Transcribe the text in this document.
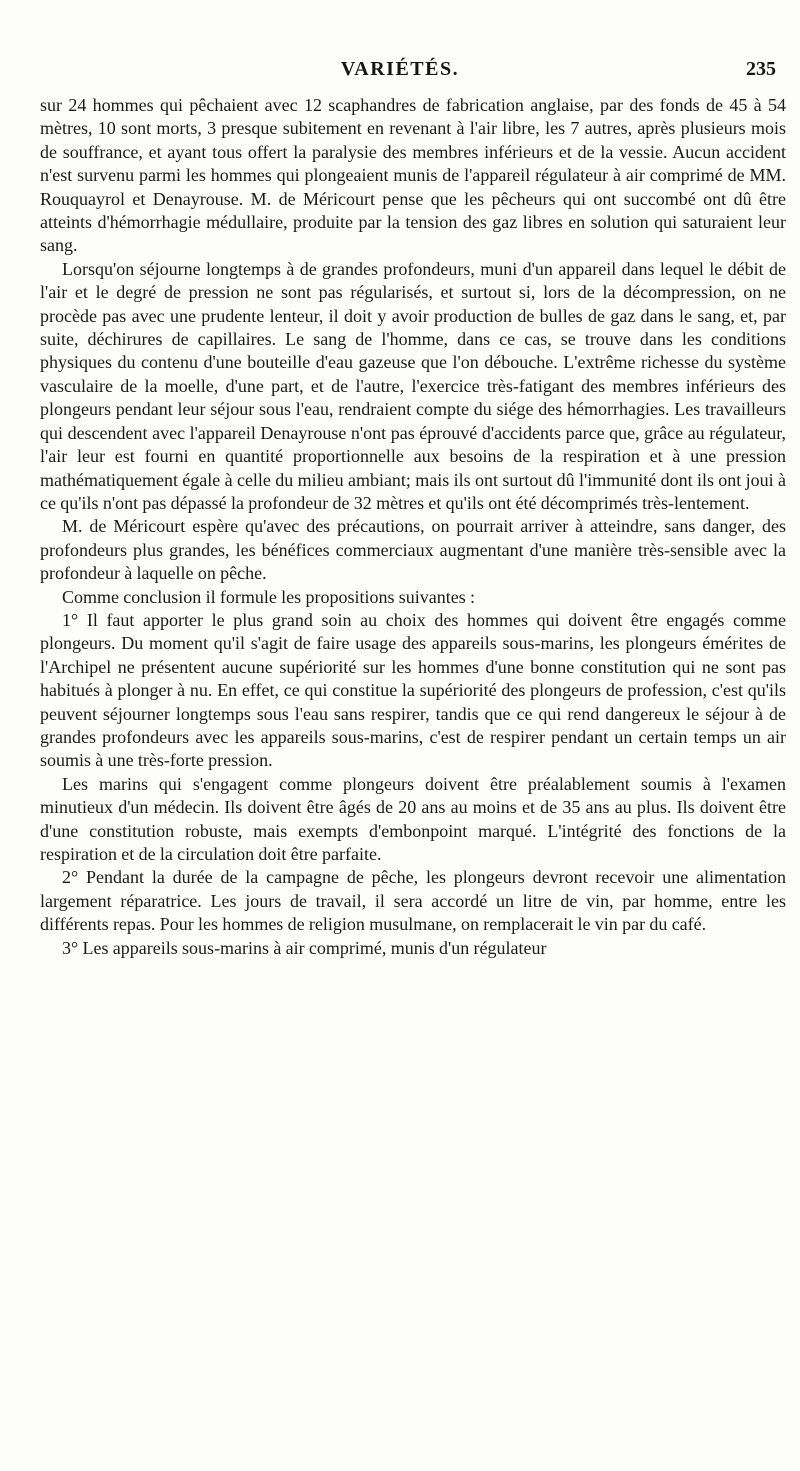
VARIÉTÉS.	235

sur 24 hommes qui pêchaient avec 12 scaphandres de fabrication anglaise, par des fonds de 45 à 54 mètres, 10 sont morts, 3 presque subitement en revenant à l'air libre, les 7 autres, après plusieurs mois de souffrance, et ayant tous offert la paralysie des membres inférieurs et de la vessie. Aucun accident n'est survenu parmi les hommes qui plongeaient munis de l'appareil régulateur à air comprimé de MM. Rouquayrol et Denayrouse. M. de Méricourt pense que les pêcheurs qui ont succombé ont dû être atteints d'hémorrhagie médullaire, produite par la tension des gaz libres en solution qui saturaient leur sang.

Lorsqu'on séjourne longtemps à de grandes profondeurs, muni d'un appareil dans lequel le débit de l'air et le degré de pression ne sont pas régularisés, et surtout si, lors de la décompression, on ne procède pas avec une prudente lenteur, il doit y avoir production de bulles de gaz dans le sang, et, par suite, déchirures de capillaires. Le sang de l'homme, dans ce cas, se trouve dans les conditions physiques du contenu d'une bouteille d'eau gazeuse que l'on débouche. L'extrême richesse du système vasculaire de la moelle, d'une part, et de l'autre, l'exercice très-fatigant des membres inférieurs des plongeurs pendant leur séjour sous l'eau, rendraient compte du siége des hémorrhagies. Les travailleurs qui descendent avec l'appareil Denayrouse n'ont pas éprouvé d'accidents parce que, grâce au régulateur, l'air leur est fourni en quantité proportionnelle aux besoins de la respiration et à une pression mathématiquement égale à celle du milieu ambiant; mais ils ont surtout dû l'immunité dont ils ont joui à ce qu'ils n'ont pas dépassé la profondeur de 32 mètres et qu'ils ont été décomprimés très-lentement.

M. de Méricourt espère qu'avec des précautions, on pourrait arriver à atteindre, sans danger, des profondeurs plus grandes, les bénéfices commerciaux augmentant d'une manière très-sensible avec la profondeur à laquelle on pêche.

Comme conclusion il formule les propositions suivantes :

1° Il faut apporter le plus grand soin au choix des hommes qui doivent être engagés comme plongeurs. Du moment qu'il s'agit de faire usage des appareils sous-marins, les plongeurs émérites de l'Archipel ne présentent aucune supériorité sur les hommes d'une bonne constitution qui ne sont pas habitués à plonger à nu. En effet, ce qui constitue la supériorité des plongeurs de profession, c'est qu'ils peuvent séjourner longtemps sous l'eau sans respirer, tandis que ce qui rend dangereux le séjour à de grandes profondeurs avec les appareils sous-marins, c'est de respirer pendant un certain temps un air soumis à une très-forte pression.

Les marins qui s'engagent comme plongeurs doivent être préalablement soumis à l'examen minutieux d'un médecin. Ils doivent être âgés de 20 ans au moins et de 35 ans au plus. Ils doivent être d'une constitution robuste, mais exempts d'embonpoint marqué. L'intégrité des fonctions de la respiration et de la circulation doit être parfaite.

2° Pendant la durée de la campagne de pêche, les plongeurs devront recevoir une alimentation largement réparatrice. Les jours de travail, il sera accordé un litre de vin, par homme, entre les différents repas. Pour les hommes de religion musulmane, on remplacerait le vin par du café.

3° Les appareils sous-marins à air comprimé, munis d'un régulateur
